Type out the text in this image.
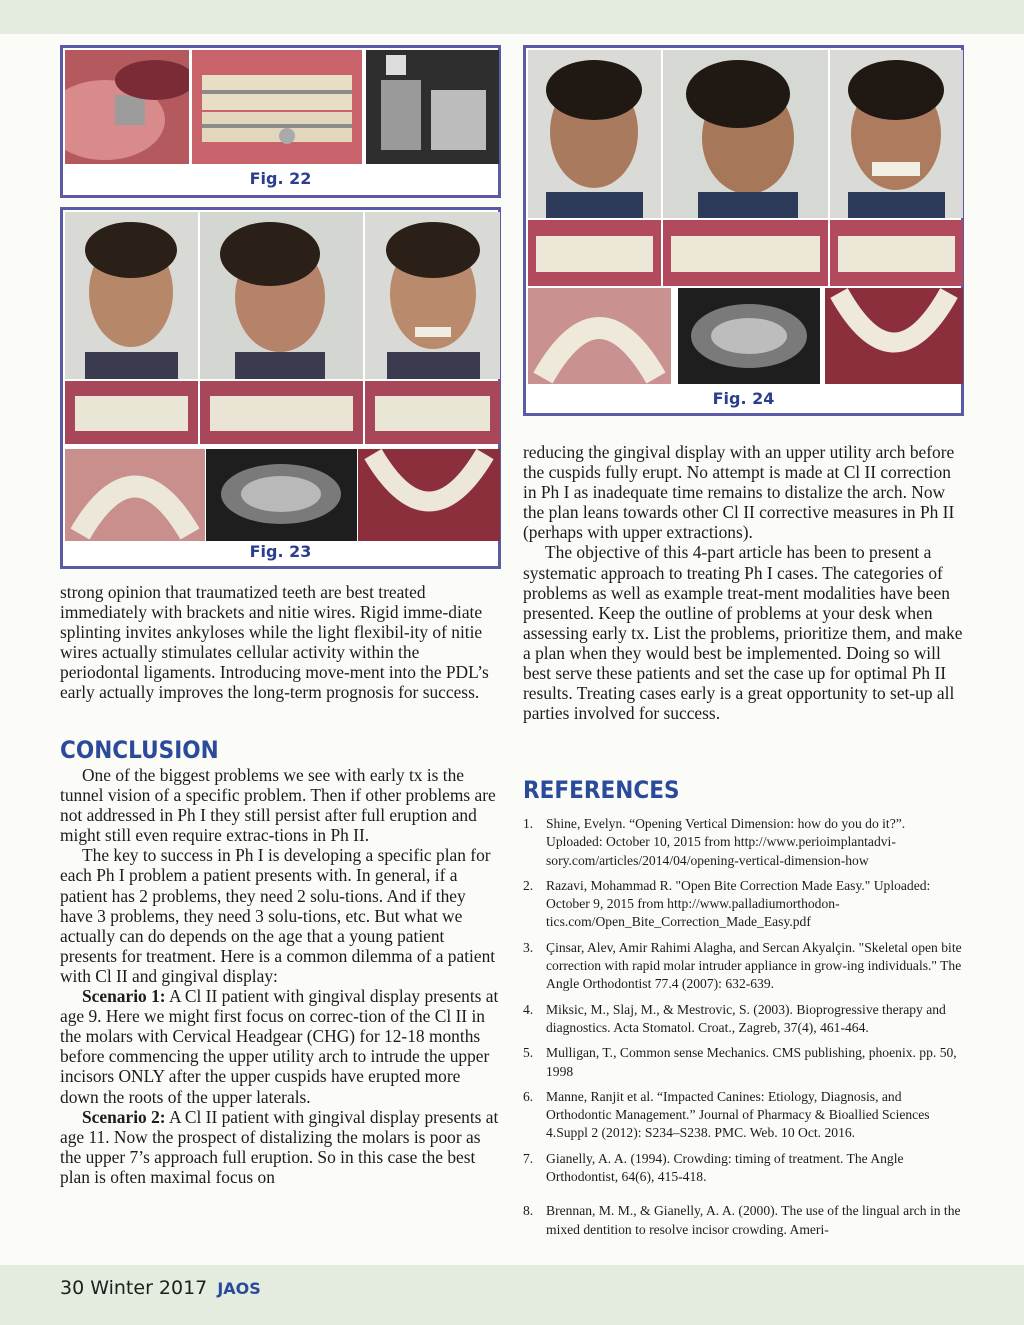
Fig. 22
Fig. 23
Fig. 24

strong opinion that traumatized teeth are best treated immediately with brackets and nitie wires. Rigid imme-diate splinting invites ankyloses while the light flexibil-ity of nitie wires actually stimulates cellular activity within the periodontal ligaments. Introducing move-ment into the PDL’s early actually improves the long-term prognosis for success.

CONCLUSION

One of the biggest problems we see with early tx is the tunnel vision of a specific problem. Then if other problems are not addressed in Ph I they still persist after full eruption and might still even require extrac-tions in Ph II.

The key to success in Ph I is developing a specific plan for each Ph I problem a patient presents with. In general, if a patient has 2 problems, they need 2 solu-tions. And if they have 3 problems, they need 3 solu-tions, etc. But what we actually can do depends on the age that a young patient presents for treatment. Here is a common dilemma of a patient with Cl II and gingival display:

Scenario 1: A Cl II patient with gingival display presents at age 9. Here we might first focus on correc-tion of the Cl II in the molars with Cervical Headgear (CHG) for 12-18 months before commencing the upper utility arch to intrude the upper incisors ONLY after the upper cuspids have erupted more down the roots of the upper laterals.

Scenario 2: A Cl II patient with gingival display presents at age 11. Now the prospect of distalizing the molars is poor as the upper 7’s approach full eruption. So in this case the best plan is often maximal focus on

reducing the gingival display with an upper utility arch before the cuspids fully erupt. No attempt is made at Cl II correction in Ph I as inadequate time remains to distalize the arch. Now the plan leans towards other Cl II corrective measures in Ph II (perhaps with upper extractions).

The objective of this 4-part article has been to present a systematic approach to treating Ph I cases. The categories of problems as well as example treat-ment modalities have been presented. Keep the outline of problems at your desk when assessing early tx. List the problems, prioritize them, and make a plan when they would best be implemented. Doing so will best serve these patients and set the case up for optimal Ph II results. Treating cases early is a great opportunity to set-up all parties involved for success.

REFERENCES
1. Shine, Evelyn. “Opening Vertical Dimension: how do you do it?”. Uploaded: October 10, 2015 from http://www.perioimplantadvi-sory.com/articles/2014/04/opening-vertical-dimension-how
2. Razavi, Mohammad R. "Open Bite Correction Made Easy." Uploaded: October 9, 2015 from http://www.palladiumorthodon-tics.com/Open_Bite_Correction_Made_Easy.pdf
3. Çinsar, Alev, Amir Rahimi Alagha, and Sercan Akyalçin. "Skeletal open bite correction with rapid molar intruder appliance in grow-ing individuals." The Angle Orthodontist 77.4 (2007): 632-639.
4. Miksic, M., Slaj, M., & Mestrovic, S. (2003). Bioprogressive therapy and diagnostics. Acta Stomatol. Croat., Zagreb, 37(4), 461-464.
5. Mulligan, T., Common sense Mechanics. CMS publishing, phoenix. pp. 50, 1998
6. Manne, Ranjit et al. “Impacted Canines: Etiology, Diagnosis, and Orthodontic Management.” Journal of Pharmacy & Bioallied Sciences 4.Suppl 2 (2012): S234–S238. PMC. Web. 10 Oct. 2016.
7. Gianelly, A. A. (1994). Crowding: timing of treatment. The Angle Orthodontist, 64(6), 415-418.
8. Brennan, M. M., & Gianelly, A. A. (2000). The use of the lingual arch in the mixed dentition to resolve incisor crowding. Ameri-
30 Winter 2017 JAOS
